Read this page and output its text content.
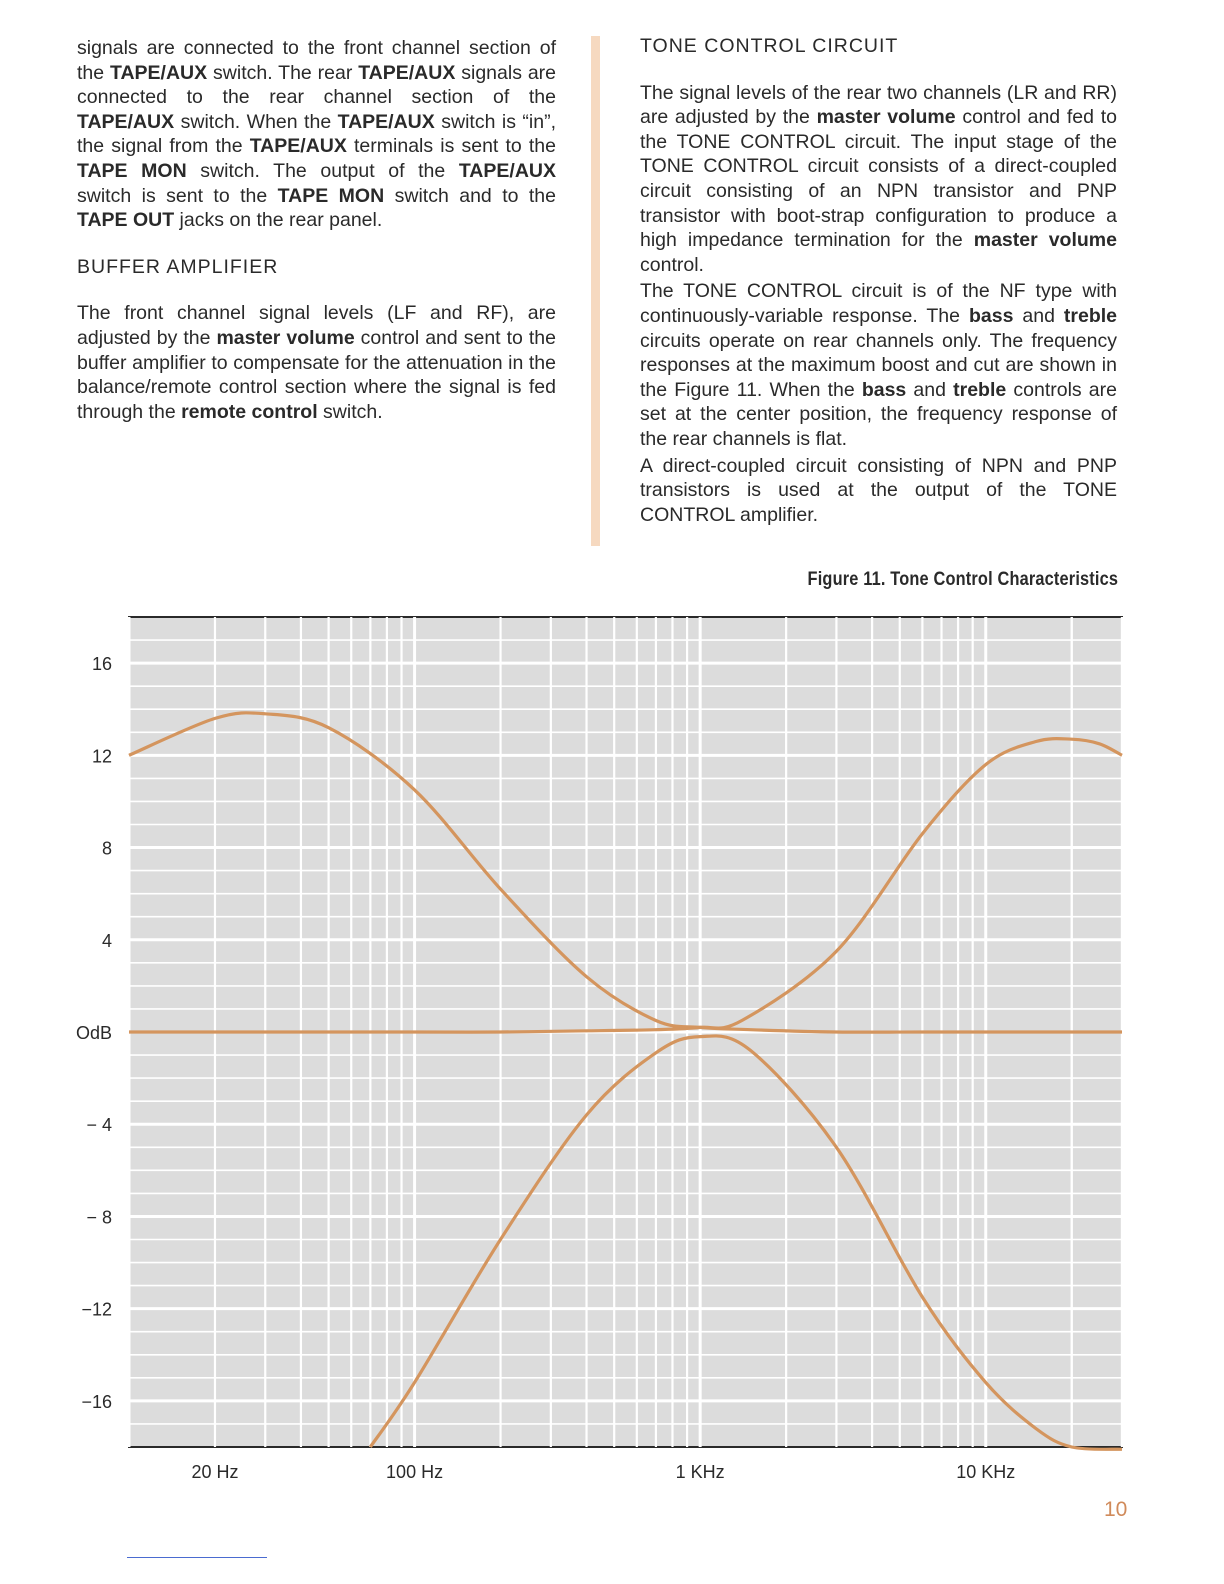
signals are connected to the front channel section of the TAPE/AUX switch. The rear TAPE/AUX signals are connected to the rear channel section of the TAPE/AUX switch. When the TAPE/AUX switch is “in”, the signal from the TAPE/AUX terminals is sent to the TAPE MON switch. The output of the TAPE/AUX switch is sent to the TAPE MON switch and to the TAPE OUT jacks on the rear panel.

BUFFER AMPLIFIER

The front channel signal levels (LF and RF), are adjusted by the master volume control and sent to the buffer amplifier to compensate for the attenuation in the balance/remote control section where the signal is fed through the remote control switch.

TONE CONTROL CIRCUIT

The signal levels of the rear two channels (LR and RR) are adjusted by the master volume control and fed to the TONE CONTROL circuit. The input stage of the TONE CONTROL circuit consists of a direct-coupled circuit consisting of an NPN transistor and PNP transistor with boot-strap configuration to produce a high impedance termination for the master volume control.

The TONE CONTROL circuit is of the NF type with continuously-variable response. The bass and treble circuits operate on rear channels only. The frequency responses at the maximum boost and cut are shown in the Figure 11. When the bass and treble controls are set at the center position, the frequency response of the rear channels is flat.

A direct-coupled circuit consisting of NPN and PNP transistors is used at the output of the TONE CONTROL amplifier.

Figure 11. Tone Control Characteristics
16
12
8
4
OdB
− 4
− 8
−12
−16
20 Hz	100 Hz	1 KHz	10 KHz
10
